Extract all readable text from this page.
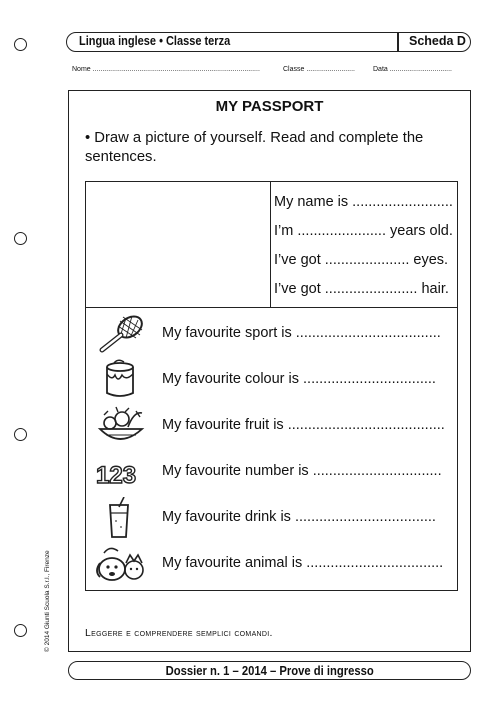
Lingua inglese • Classe terza	Scheda D
Nome ......................................................................................	Classe .........................	Data ................................
MY PASSPORT
• Draw a picture of yourself. Read and complete the sentences.
My name is .........................
I’m ...................... years old.
I’ve got ..................... eyes.
I’ve got ....................... hair.
My favourite sport is ....................................
My favourite colour is .................................
My favourite fruit is .......................................
123 My favourite number is ................................
My favourite drink is ...................................
My favourite animal is ..................................
Leggere e comprendere semplici comandi.
Dossier n. 1 – 2014 – Prove di ingresso
© 2014 Giunti Scuola S.r.l., Firenze
